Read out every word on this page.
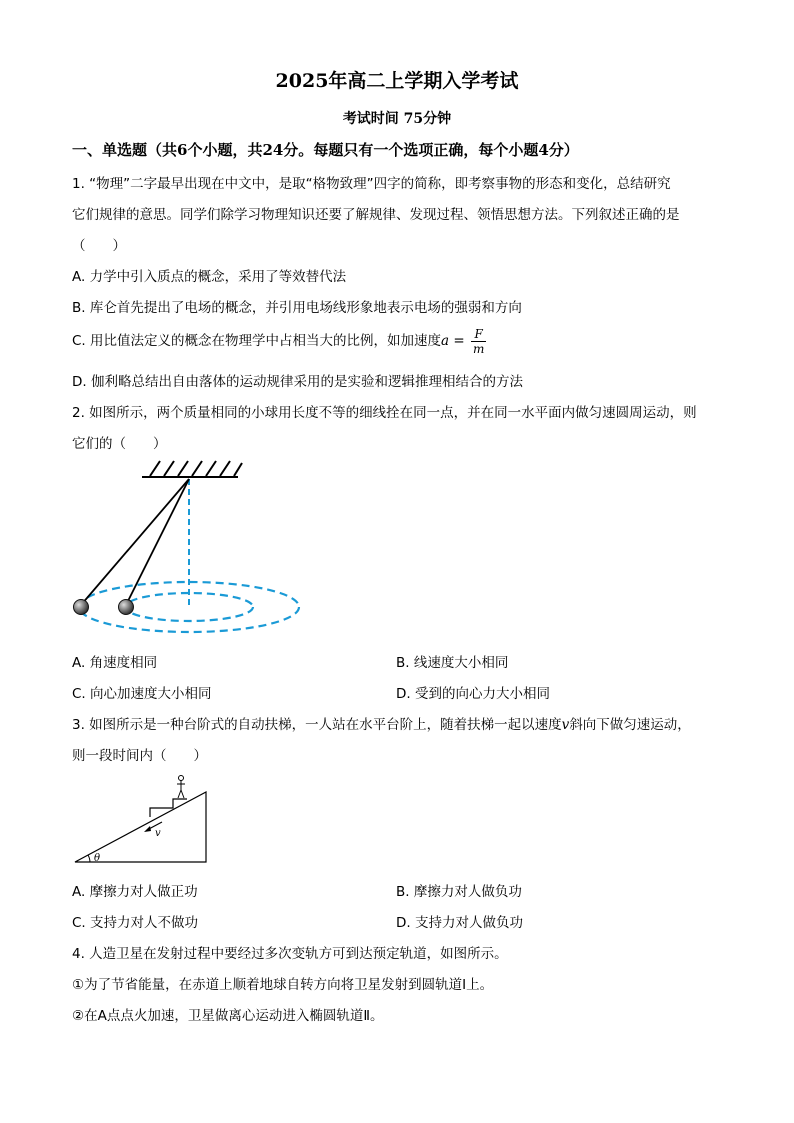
2025年高二上学期入学考试
考试时间 75分钟
一、单选题（共6个小题，共24分。每题只有一个选项正确，每个小题4分）
1. “物理”二字最早出现在中文中，是取“格物致理”四字的简称，即考察事物的形态和变化，总结研究
它们规律的意思。同学们除学习物理知识还要了解规律、发现过程、领悟思想方法。下列叙述正确的是
（　　）
A. 力学中引入质点的概念，采用了等效替代法
B. 库仑首先提出了电场的概念，并引用电场线形象地表示电场的强弱和方向
C. 用比值法定义的概念在物理学中占相当大的比例，如加速度$a = \frac{F}{m}$
D. 伽利略总结出自由落体的运动规律采用的是实验和逻辑推理相结合的方法
2. 如图所示，两个质量相同的小球用长度不等的细线拴在同一点，并在同一水平面内做匀速圆周运动，则
它们的（　　）
A. 角速度相同	B. 线速度大小相同
C. 向心加速度大小相同	D. 受到的向心力大小相同
3. 如图所示是一种台阶式的自动扶梯，一人站在水平台阶上，随着扶梯一起以速度v斜向下做匀速运动，
则一段时间内（　　）
v
θ
A. 摩擦力对人做正功	B. 摩擦力对人做负功
C. 支持力对人不做功	D. 支持力对人做负功
4. 人造卫星在发射过程中要经过多次变轨方可到达预定轨道，如图所示。
①为了节省能量，在赤道上顺着地球自转方向将卫星发射到圆轨道Ⅰ上。
②在A点点火加速，卫星做离心运动进入椭圆轨道Ⅱ。
